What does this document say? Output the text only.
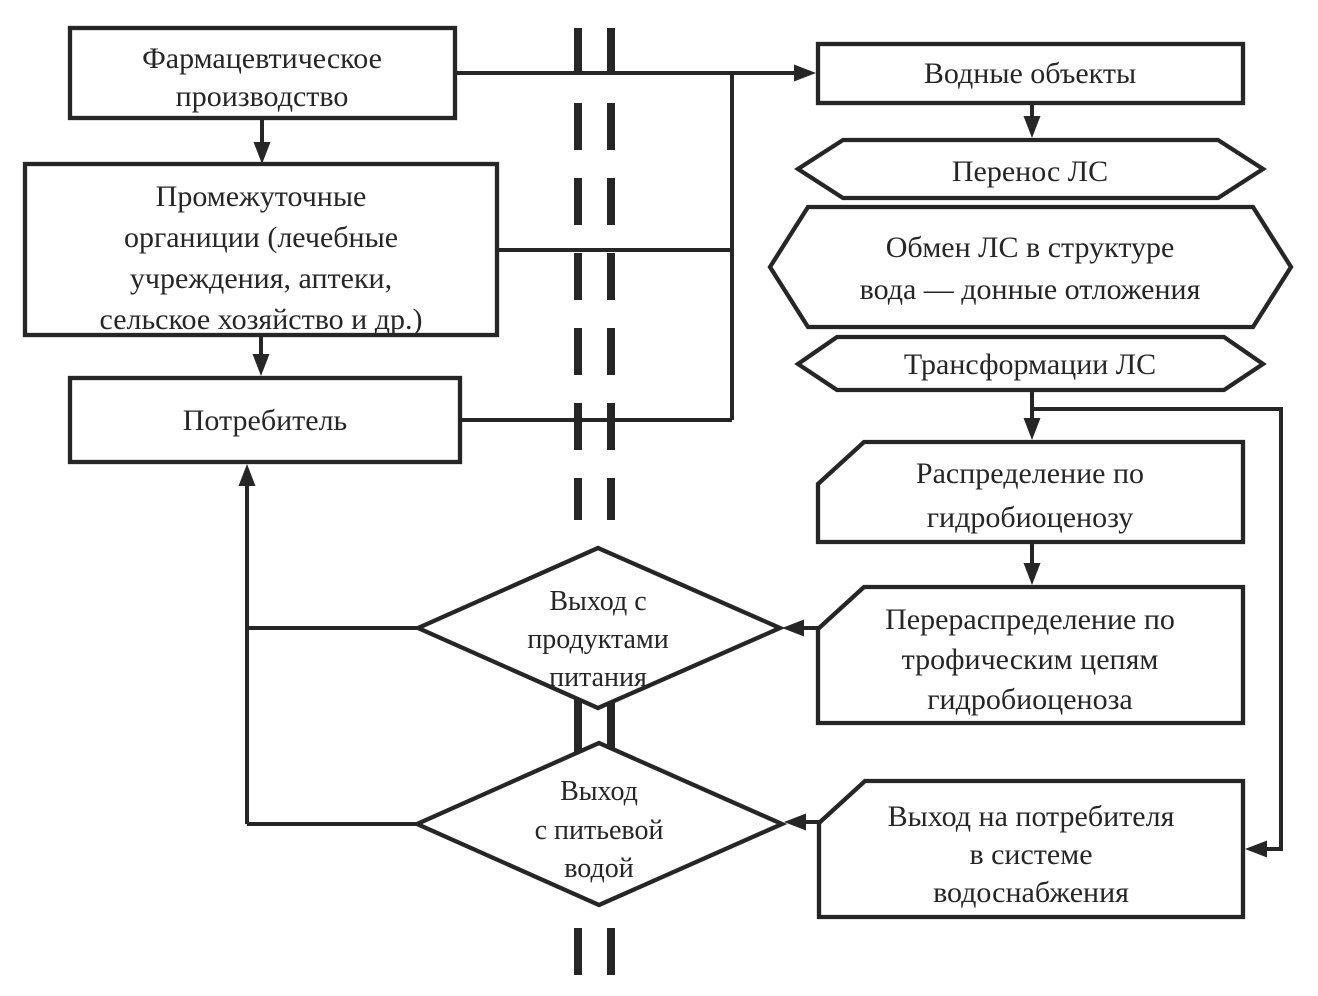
Фармацевтическое
производство
Промежуточные
органиции (лечебные
учреждения, аптеки,
сельское хозяйство и др.)
Потребитель
Водные объекты
Перенос ЛС
Обмен ЛС в структуре
вода — донные отложения
Трансформации ЛС
Распределение по
гидробиоценозу
Перераспределение по
трофическим цепям
гидробиоценоза
Выход на потребителя
в системе
водоснабжения
Выход с
продуктами
питания
Выход
с питьевой
водой
